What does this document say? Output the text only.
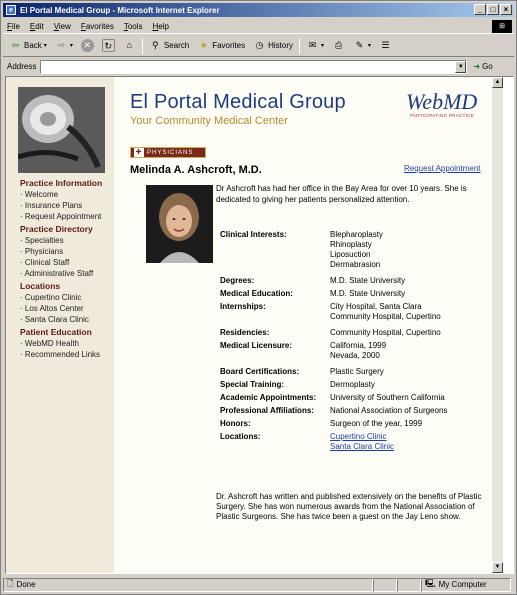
e El Portal Medical Group - Microsoft Internet Explorer	_	□	×
File Edit View Favorites Tools Help	⊞
⇦ Back ▾	⇨ ▾	✕	↻	⌂	⚲ Search ★ Favorites ◷ History	✉ ▾	⎙	✎ ▾ ☰
Address	▼	➜ Go
Practice Information
· Welcome
· Insurance Plans
· Request Appointment
Practice Directory
· Specialties
· Physicians
· Clinical Staff
· Administrative Staff
Locations
· Cupertino Clinic
· Los Altos Center
· Santa Clara Clinic
Patient Education
· WebMD Health
· Recommended Links
El Portal Medical Group
Your Community Medical Center
WebMD
PARTICIPATING PRACTICE
✚ PHYSICIANS
Melinda A. Ashcroft, M.D.	Request Appointment
Dr Ashcroft has had her office in the Bay Area for over 10 years. She is dedicated to giving her patients personalized attention.
Clinical Interests:	Blepharoplasty
Rhinoplasty
Liposuction
Dermabrasion
Degrees:	M.D. State University
Medical Education:	M.D. State University
Internships:	City Hospital, Santa Clara
Community Hospital, Cupertino
Residencies:	Community Hospital, Cupertino
Medical Licensure:	California, 1999
Nevada, 2000
Board Certifications:	Plastic Surgery
Special Training:	Dermoplasty
Academic Appointments:	University of Southern California
Professional Affiliations:	National Association of Surgeons
Honors:	Surgeon of the year, 1999
Locations:	Cupertino Clinic
Santa Clara Clinic
Dr. Ashcroft has written and published extensively on the benefits of Plastic Surgery. She has won numerous awards from the National Association of Plastic Surgeons. She has twice been a guest on the Jay Leno show.
▲
▼
🗋 Done	🖳 My Computer
